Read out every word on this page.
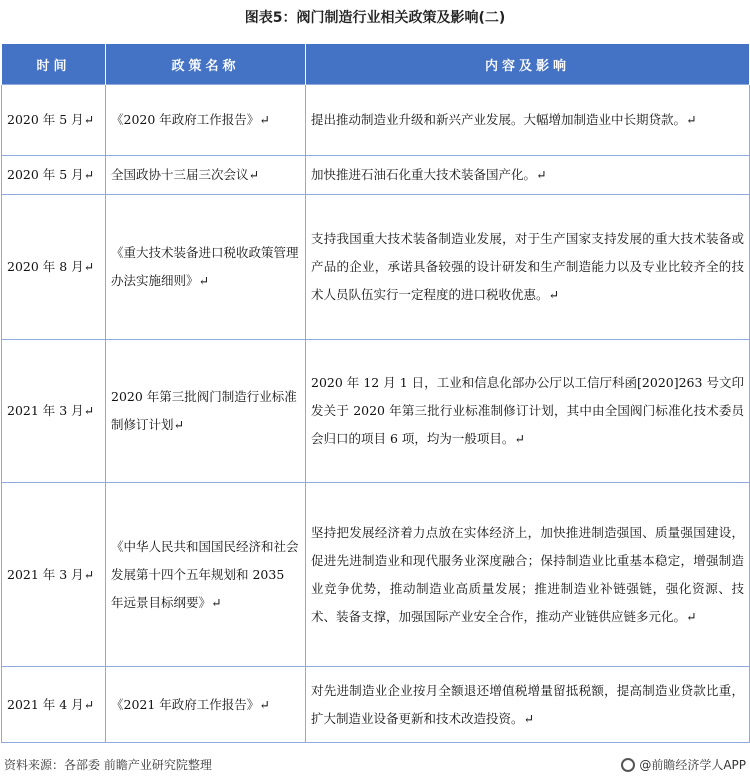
图表5：阀门制造行业相关政策及影响(二)
时间	政策名称	内容及影响
2020 年 5 月↵	《2020 年政府工作报告》↵	提出推动制造业升级和新兴产业发展。大幅增加制造业中长期贷款。↵
2020 年 5 月↵	全国政协十三届三次会议↵	加快推进石油石化重大技术装备国产化。↵
2020 年 8 月↵	《重大技术装备进口税收政策管理办法实施细则》↵	支持我国重大技术装备制造业发展，对于生产国家支持发展的重大技术装备或产品的企业，承诺具备较强的设计研发和生产制造能力以及专业比较齐全的技术人员队伍实行一定程度的进口税收优惠。↵
2021 年 3 月↵	2020 年第三批阀门制造行业标准制修订计划↵	2020 年 12 月 1 日，工业和信息化部办公厅以工信厅科函[2020]263 号文印发关于 2020 年第三批行业标准制修订计划，其中由全国阀门标准化技术委员会归口的项目 6 项，均为一般项目。↵
2021 年 3 月↵	《中华人民共和国国民经济和社会发展第十四个五年规划和 2035 年远景目标纲要》↵	坚持把发展经济着力点放在实体经济上，加快推进制造强国、质量强国建设，促进先进制造业和现代服务业深度融合；保持制造业比重基本稳定，增强制造业竞争优势，推动制造业高质量发展；推进制造业补链强链，强化资源、技术、装备支撑，加强国际产业安全合作，推动产业链供应链多元化。↵
2021 年 4 月↵	《2021 年政府工作报告》↵	对先进制造业企业按月全额退还增值税增量留抵税额，提高制造业贷款比重，扩大制造业设备更新和技术改造投资。↵
资料来源：各部委 前瞻产业研究院整理	@前瞻经济学人APP
